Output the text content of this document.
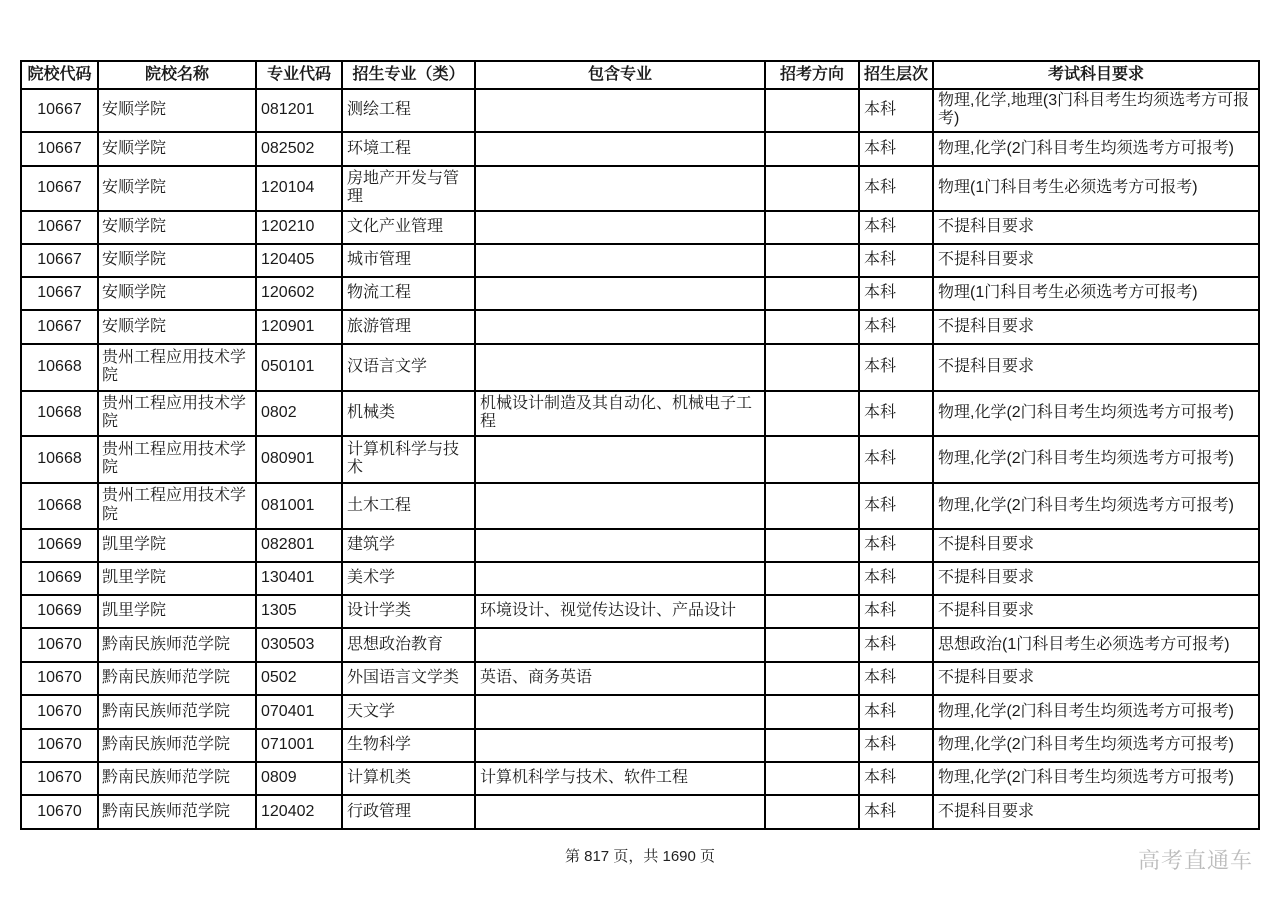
院校代码	院校名称	专业代码	招生专业（类）	包含专业	招考方向	招生层次	考试科目要求
10667	安顺学院	081201	测绘工程			本科	物理,化学,地理(3门科目考生均须选考方可报考)
10667	安顺学院	082502	环境工程			本科	物理,化学(2门科目考生均须选考方可报考)
10667	安顺学院	120104	房地产开发与管理			本科	物理(1门科目考生必须选考方可报考)
10667	安顺学院	120210	文化产业管理			本科	不提科目要求
10667	安顺学院	120405	城市管理			本科	不提科目要求
10667	安顺学院	120602	物流工程			本科	物理(1门科目考生必须选考方可报考)
10667	安顺学院	120901	旅游管理			本科	不提科目要求
10668	贵州工程应用技术学院	050101	汉语言文学			本科	不提科目要求
10668	贵州工程应用技术学院	0802	机械类	机械设计制造及其自动化、机械电子工程		本科	物理,化学(2门科目考生均须选考方可报考)
10668	贵州工程应用技术学院	080901	计算机科学与技术			本科	物理,化学(2门科目考生均须选考方可报考)
10668	贵州工程应用技术学院	081001	土木工程			本科	物理,化学(2门科目考生均须选考方可报考)
10669	凯里学院	082801	建筑学			本科	不提科目要求
10669	凯里学院	130401	美术学			本科	不提科目要求
10669	凯里学院	1305	设计学类	环境设计、视觉传达设计、产品设计		本科	不提科目要求
10670	黔南民族师范学院	030503	思想政治教育			本科	思想政治(1门科目考生必须选考方可报考)
10670	黔南民族师范学院	0502	外国语言文学类	英语、商务英语		本科	不提科目要求
10670	黔南民族师范学院	070401	天文学			本科	物理,化学(2门科目考生均须选考方可报考)
10670	黔南民族师范学院	071001	生物科学			本科	物理,化学(2门科目考生均须选考方可报考)
10670	黔南民族师范学院	0809	计算机类	计算机科学与技术、软件工程		本科	物理,化学(2门科目考生均须选考方可报考)
10670	黔南民族师范学院	120402	行政管理			本科	不提科目要求
第 817 页，共 1690 页	高考直通车
